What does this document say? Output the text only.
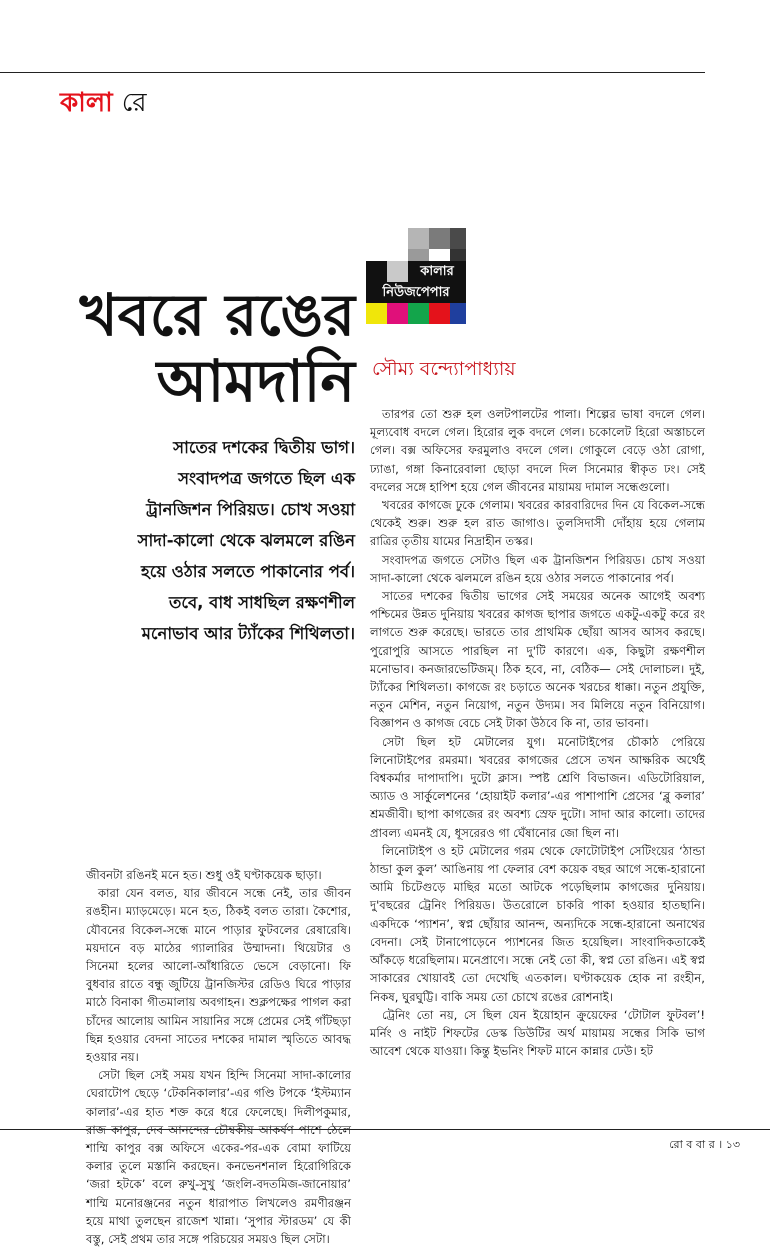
কালা রে
কালার
নিউজপেপার
খবরে রঙের
আমদানি সৌম্য বন্দ্যোপাধ্যায়
সাতের দশকের দ্বিতীয় ভাগ।
সংবাদপত্র জগতে ছিল এক
ট্রানজিশন পিরিয়ড। চোখ সওয়া
সাদা-কালো থেকে ঝলমলে রঙিন
হয়ে ওঠার সলতে পাকানোর পর্ব।
তবে, বাধ সাধছিল রক্ষণশীল
মনোভাব আর ট্যাঁকের শিথিলতা।

জীবনটা রঙিনই মনে হত। শুধু ওই ঘণ্টাকয়েক ছাড়া।

কারা যেন বলত, যার জীবনে সন্ধে নেই, তার জীবন রঙহীন। ম্যাড়মেড়ে। মনে হত, ঠিকই বলত তারা। কৈশোর, যৌবনের বিকেল-সন্ধে মানে পাড়ার ফুটবলের রেষারেষি। ময়দানে বড় মাঠের গ্যালারির উম্মাদনা। থিয়েটার ও সিনেমা হলের আলো-আঁধারিতে ভেসে বেড়ানো। ফি বুধবার রাতে বন্ধু জুটিয়ে ট্রানজিস্টর রেডিও ঘিরে পাড়ার মাঠে বিনাকা গীতমালায় অবগাহন। শুক্লপক্ষের পাগল করা চাঁদের আলোয় আমিন সায়ানির সঙ্গে প্রেমের সেই গাঁটছড়া ছিন্ন হওয়ার বেদনা সাতের দশকের দামাল স্মৃতিতে আবদ্ধ হওয়ার নয়।

সেটা ছিল সেই সময় যখন হিন্দি সিনেমা সাদা-কালোর ঘেরাটোপ ছেড়ে ‘টেকনিকালার’-এর গণ্ডি টপকে ‘ইস্টম্যান কালার’-এর হাত শক্ত করে ধরে ফেলেছে। দিলীপকুমার, রাজ কাপুর, দেব আনন্দের চৌম্বকীয় আকর্ষণ পাশে ঠেলে শাম্মি কাপুর বক্স অফিসে একের-পর-এক বোমা ফাটিয়ে কলার তুলে মস্তানি করছেন। কনভেনশনাল হিরোগিরিকে ‘জরা হটকে’ বলে রুখু-সুখু ‘জংলি-বদতমিজ-জানোয়ার’ শাম্মি মনোরঞ্জনের নতুন ধারাপাত লিখলেও রমণীরঞ্জন হয়ে মাথা তুলছেন রাজেশ খান্না। ‘সুপার স্টারডম’ যে কী বস্তু, সেই প্রথম তার সঙ্গে পরিচয়ের সময়ও ছিল সেটা।

তারপর তো শুরু হল ওলটপালটের পালা। শিল্পের ভাষা বদলে গেল। মূল্যবোধ বদলে গেল। হিরোর লুক বদলে গেল। চকোলেট হিরো অস্তাচলে গেল। বক্স অফিসের ফরমুলাও বদলে গেল। গোকুলে বেড়ে ওঠা রোগা, ঢ্যাঙা, গঙ্গা কিনারেবালা ছোড়া বদলে দিল সিনেমার স্বীকৃত ঢং। সেই বদলের সঙ্গে হাপিশ হয়ে গেল জীবনের মায়াময় দামাল সন্ধেগুলো।

খবরের কাগজে ঢুকে গেলাম। খবরের কারবারিদের দিন যে বিকেল-সন্ধে থেকেই শুরু। শুরু হল রাত জাগাও। তুলসিদাসী দোঁহায় হয়ে গেলাম রাত্রির তৃতীয় যামের নিদ্রাহীন তস্কর।

সংবাদপত্র জগতে সেটাও ছিল এক ট্রানজিশন পিরিয়ড। চোখ সওয়া সাদা-কালো থেকে ঝলমলে রঙিন হয়ে ওঠার সলতে পাকানোর পর্ব।

সাতের দশকের দ্বিতীয় ভাগের সেই সময়ের অনেক আগেই অবশ্য পশ্চিমের উন্নত দুনিয়ায় খবরের কাগজ ছাপার জগতে একটু-একটু করে রং লাগতে শুরু করেছে। ভারতে তার প্রাথমিক ছোঁয়া আসব আসব করছে। পুরোপুরি আসতে পারছিল না দু'টি কারণে। এক, কিছুটা রক্ষণশীল মনোভাব। কনজারভেটিজম্‌। ঠিক হবে, না, বেঠিক— সেই দোলাচল। দুই, ট্যাঁকের শিথিলতা। কাগজে রং চড়াতে অনেক খরচের ধাক্কা। নতুন প্রযুক্তি, নতুন মেশিন, নতুন নিয়োগ, নতুন উদ্যম। সব মিলিয়ে নতুন বিনিয়োগ। বিজ্ঞাপন ও কাগজ বেচে সেই টাকা উঠবে কি না, তার ভাবনা।

সেটা ছিল হট মেটালের যুগ। মনোটাইপের চৌকাঠ পেরিয়ে লিনোটাইপের রমরমা। খবরের কাগজের প্রেসে তখন আক্ষরিক অর্থেই বিশ্বকর্মার দাপাদাপি। দুটো ক্লাস। স্পষ্ট শ্রেণি বিভাজন। এডিটোরিয়াল, অ্যাড ও সার্কুলেশনের ‘হোয়াইট কলার’-এর পাশাপাশি প্রেসের ‘ব্লু কলার’ শ্রমজীবী। ছাপা কাগজের রং অবশ্য স্রেফ দুটো। সাদা আর কালো। তাদের প্রাবল্য এমনই যে, ধূসরেরও গা ঘেঁষানোর জো ছিল না।

লিনোটাইপ ও হট মেটালের গরম থেকে ফোটোটাইপ সেটিংয়ের ‘ঠান্ডা ঠান্ডা কুল কুল’ আঙিনায় পা ফেলার বেশ কয়েক বছর আগে সন্ধে-হারানো আমি চিটেগুড়ে মাছির মতো আটকে পড়েছিলাম কাগজের দুনিয়ায়। দু'বছরের ট্রেনিং পিরিয়ড। উতরোলে চাকরি পাকা হওয়ার হাতছানি। একদিকে ‘প্যাশন’, স্বপ্ন ছোঁয়ার আনন্দ, অন্যদিকে সন্ধে-হারানো অনাথের বেদনা। সেই টানাপোড়েনে প্যাশনের জিত হয়েছিল। সাংবাদিকতাকেই আঁকড়ে ধরেছিলাম। মনেপ্রাণে। সন্ধে নেই তো কী, স্বপ্ন তো রঙিন। এই স্বপ্ন সাকারের খোয়াবই তো দেখেছি এতকাল। ঘণ্টাকয়েক হোক না রংহীন, নিকষ, ঘুরঘুট্টি। বাকি সময় তো চোখে রঙের রোশনাই।

ট্রেনিং তো নয়, সে ছিল যেন ইয়োহান ক্রুয়েফের ‘টোটাল ফুটবল’! মর্নিং ও নাইট শিফটের ডেস্ক ডিউটির অর্থ মায়াময় সন্ধের সিকি ভাগ আবেশ থেকে যাওয়া। কিন্তু ইভনিং শিফট মানে কান্নার ঢেউ। হট

রো ব বা র । ১৩
